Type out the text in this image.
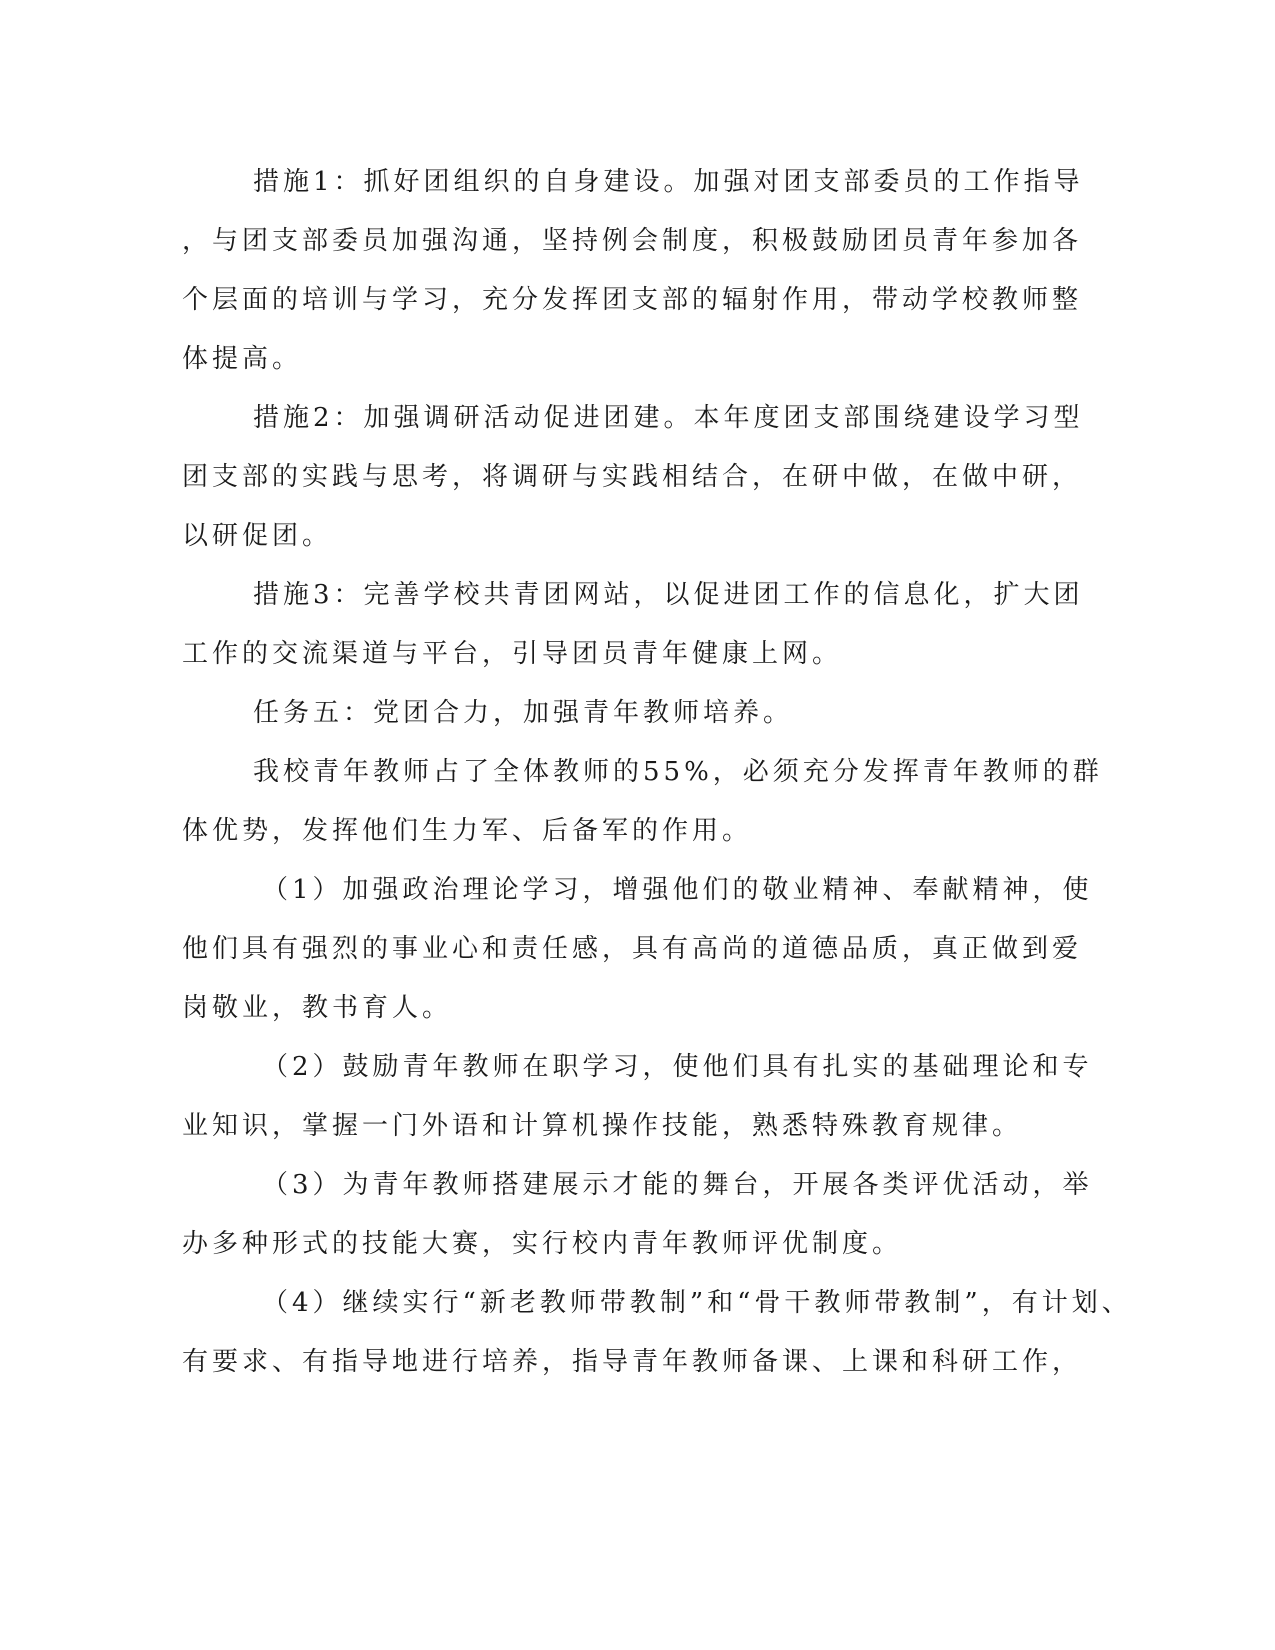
措施1：抓好团组织的自身建设。加强对团支部委员的工作指导
，与团支部委员加强沟通，坚持例会制度，积极鼓励团员青年参加各
个层面的培训与学习，充分发挥团支部的辐射作用，带动学校教师整
体提高。
措施2：加强调研活动促进团建。本年度团支部围绕建设学习型
团支部的实践与思考，将调研与实践相结合，在研中做，在做中研，
以研促团。
措施3：完善学校共青团网站，以促进团工作的信息化，扩大团
工作的交流渠道与平台，引导团员青年健康上网。
任务五：党团合力，加强青年教师培养。
我校青年教师占了全体教师的55%，必须充分发挥青年教师的群
体优势，发挥他们生力军、后备军的作用。
（1）加强政治理论学习，增强他们的敬业精神、奉献精神，使
他们具有强烈的事业心和责任感，具有高尚的道德品质，真正做到爱
岗敬业，教书育人。
（2）鼓励青年教师在职学习，使他们具有扎实的基础理论和专
业知识，掌握一门外语和计算机操作技能，熟悉特殊教育规律。
（3）为青年教师搭建展示才能的舞台，开展各类评优活动，举
办多种形式的技能大赛，实行校内青年教师评优制度。
（4）继续实行“新老教师带教制”和“骨干教师带教制”，有计划、
有要求、有指导地进行培养，指导青年教师备课、上课和科研工作，
